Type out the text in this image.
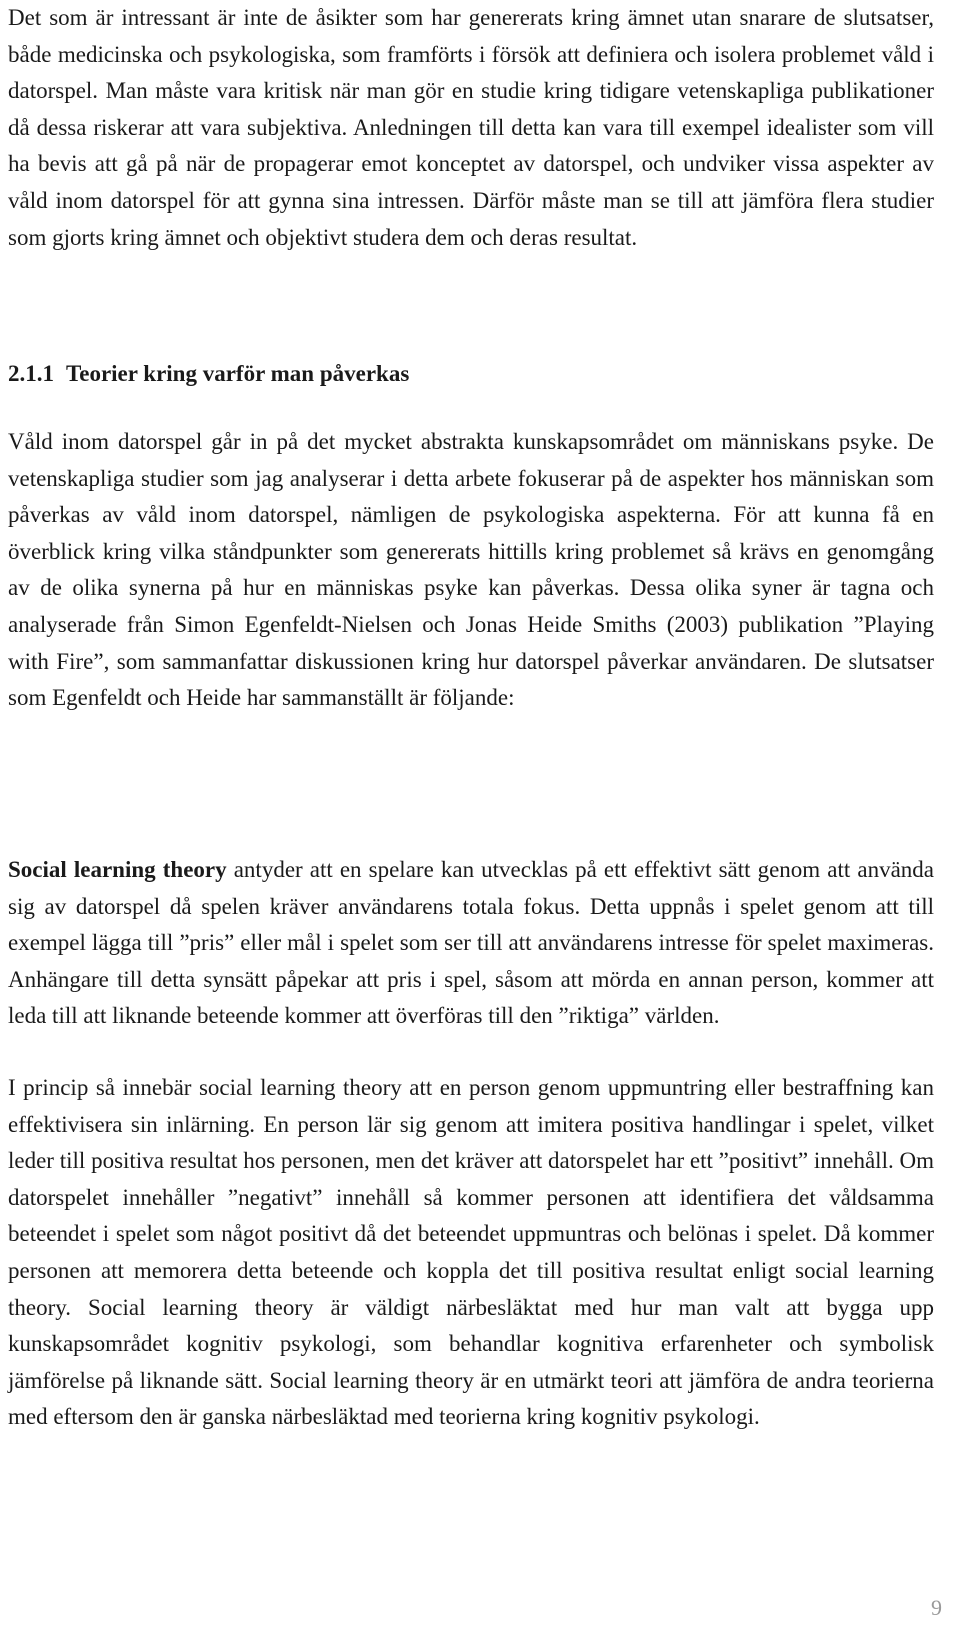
Det som är intressant är inte de åsikter som har genererats kring ämnet utan snarare de slutsatser, både medicinska och psykologiska, som framförts i försök att definiera och isolera problemet våld i datorspel. Man måste vara kritisk när man gör en studie kring tidigare vetenskapliga publikationer då dessa riskerar att vara subjektiva. Anledningen till detta kan vara till exempel idealister som vill ha bevis att gå på när de propagerar emot konceptet av datorspel, och undviker vissa aspekter av våld inom datorspel för att gynna sina intressen. Därför måste man se till att jämföra flera studier som gjorts kring ämnet och objektivt studera dem och deras resultat.

2.1.1 Teorier kring varför man påverkas

Våld inom datorspel går in på det mycket abstrakta kunskapsområdet om människans psyke. De vetenskapliga studier som jag analyserar i detta arbete fokuserar på de aspekter hos människan som påverkas av våld inom datorspel, nämligen de psykologiska aspekterna. För att kunna få en överblick kring vilka ståndpunkter som genererats hittills kring problemet så krävs en genomgång av de olika synerna på hur en människas psyke kan påverkas. Dessa olika syner är tagna och analyserade från Simon Egenfeldt-Nielsen och Jonas Heide Smiths (2003) publikation ”Playing with Fire”, som sammanfattar diskussionen kring hur datorspel påverkar användaren. De slutsatser som Egenfeldt och Heide har sammanställt är följande:

Social learning theory antyder att en spelare kan utvecklas på ett effektivt sätt genom att använda sig av datorspel då spelen kräver användarens totala fokus. Detta uppnås i spelet genom att till exempel lägga till ”pris” eller mål i spelet som ser till att användarens intresse för spelet maximeras. Anhängare till detta synsätt påpekar att pris i spel, såsom att mörda en annan person, kommer att leda till att liknande beteende kommer att överföras till den ”riktiga” världen.

I princip så innebär social learning theory att en person genom uppmuntring eller bestraffning kan effektivisera sin inlärning. En person lär sig genom att imitera positiva handlingar i spelet, vilket leder till positiva resultat hos personen, men det kräver att datorspelet har ett ”positivt” innehåll. Om datorspelet innehåller ”negativt” innehåll så kommer personen att identifiera det våldsamma beteendet i spelet som något positivt då det beteendet uppmuntras och belönas i spelet. Då kommer personen att memorera detta beteende och koppla det till positiva resultat enligt social learning theory. Social learning theory är väldigt närbesläktat med hur man valt att bygga upp kunskapsområdet kognitiv psykologi, som behandlar kognitiva erfarenheter och symbolisk jämförelse på liknande sätt. Social learning theory är en utmärkt teori att jämföra de andra teorierna med eftersom den är ganska närbesläktad med teorierna kring kognitiv psykologi.

9
